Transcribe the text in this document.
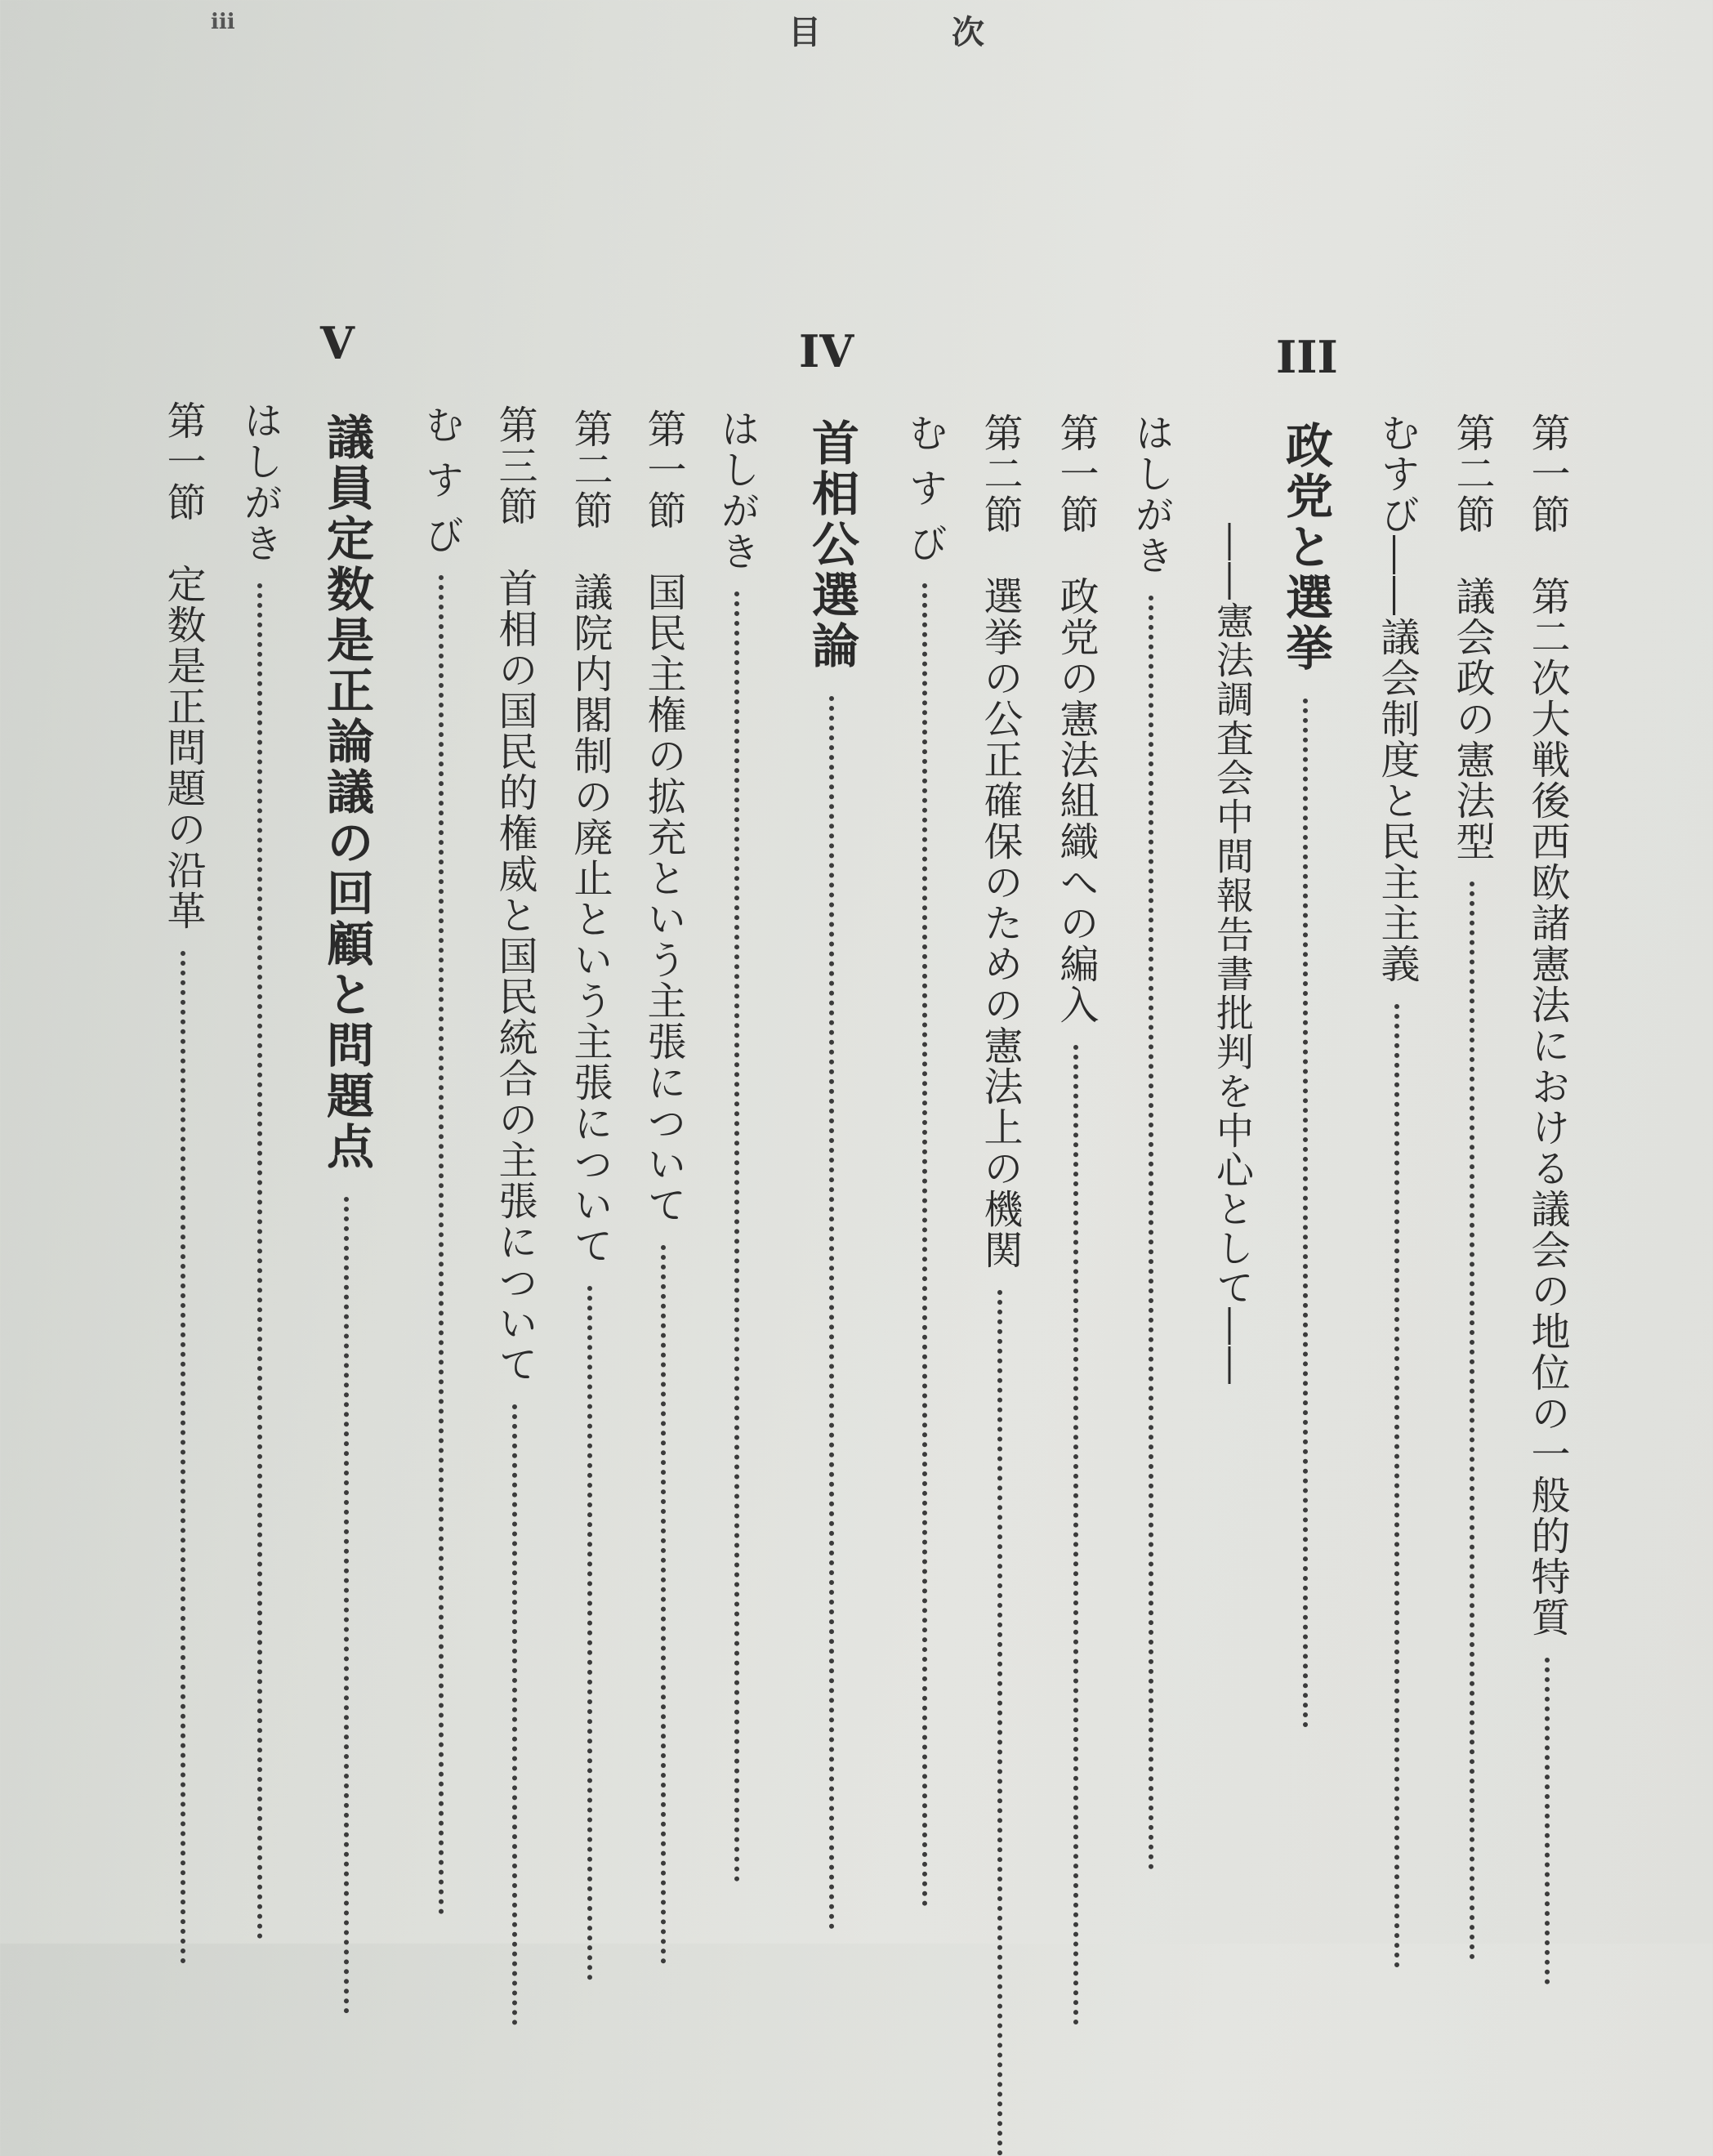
iii	目　次
第一節　第二次大戦後西欧諸憲法における議会の地位の一般的特質
第二節　議会政の憲法型
むすび――議会制度と民主主義
III
政党と選挙
――憲法調査会中間報告書批判を中心として――
はしがき
第一節　政党の憲法組織への編入
第二節　選挙の公正確保のための憲法上の機関
む す び
IV
首相公選論
はしがき
第一節　国民主権の拡充という主張について
第二節　議院内閣制の廃止という主張について
第三節　首相の国民的権威と国民統合の主張について
む す び
V
議員定数是正論議の回顧と問題点
はしがき
第一節　定数是正問題の沿革
